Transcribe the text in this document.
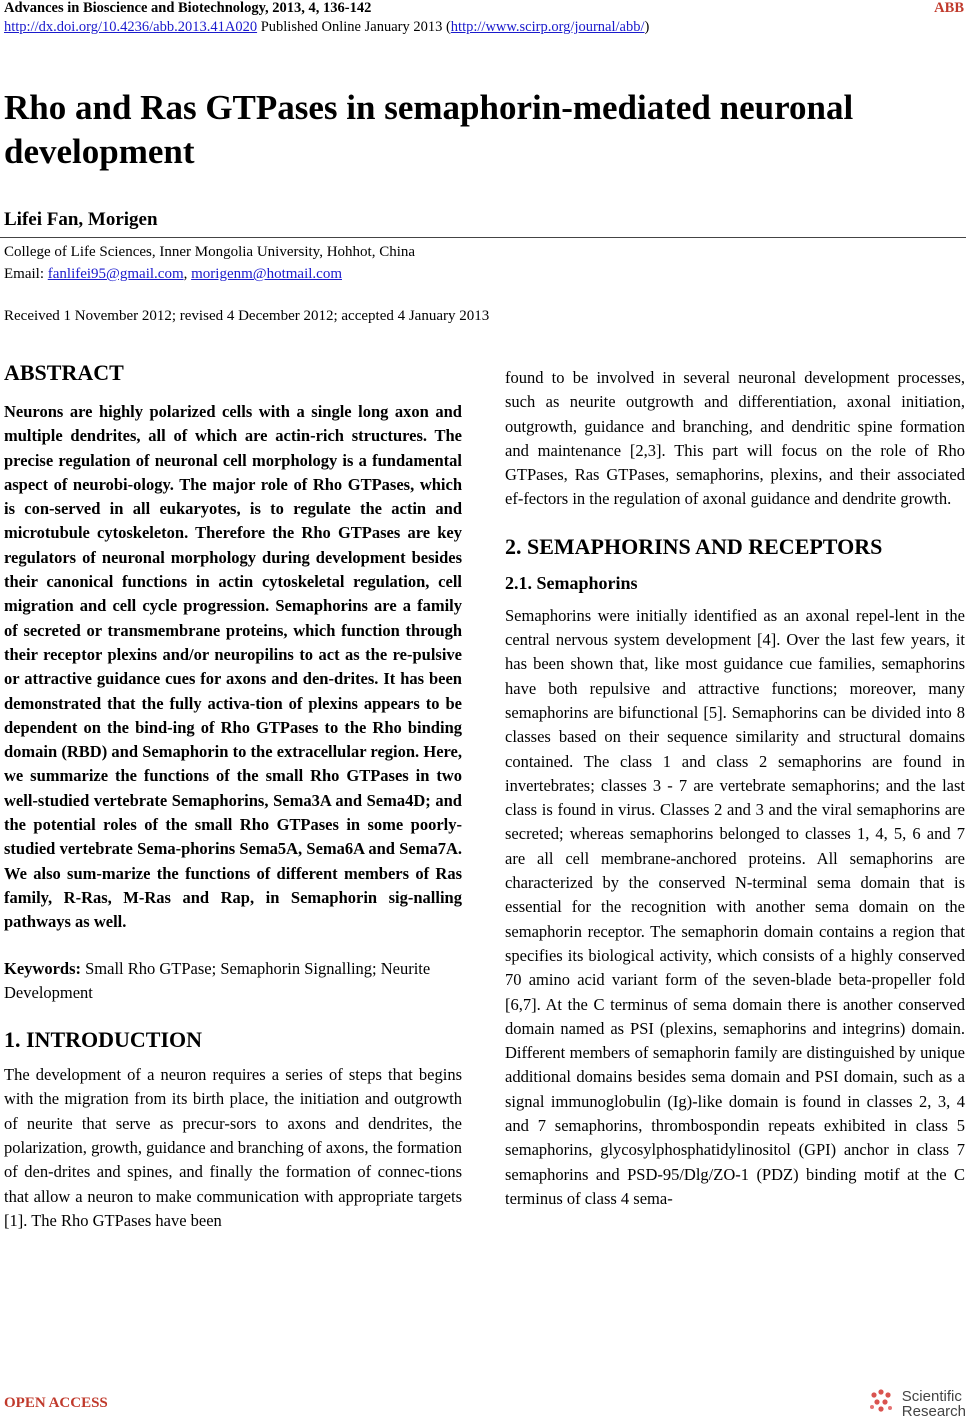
Advances in Bioscience and Biotechnology, 2013, 4, 136-142	ABB
http://dx.doi.org/10.4236/abb.2013.41A020 Published Online January 2013 (http://www.scirp.org/journal/abb/)
Rho and Ras GTPases in semaphorin-mediated neuronal development

Lifei Fan, Morigen

College of Life Sciences, Inner Mongolia University, Hohhot, China
Email: fanlifei95@gmail.com, morigenm@hotmail.com
Received 1 November 2012; revised 4 December 2012; accepted 4 January 2013
ABSTRACT

Neurons are highly polarized cells with a single long axon and multiple dendrites, all of which are actin-rich structures. The precise regulation of neuronal cell morphology is a fundamental aspect of neurobi-ology. The major role of Rho GTPases, which is con-served in all eukaryotes, is to regulate the actin and microtubule cytoskeleton. Therefore the Rho GTPases are key regulators of neuronal morphology during development besides their canonical functions in actin cytoskeletal regulation, cell migration and cell cycle progression. Semaphorins are a family of secreted or transmembrane proteins, which function through their receptor plexins and/or neuropilins to act as the re-pulsive or attractive guidance cues for axons and den-drites. It has been demonstrated that the fully activa-tion of plexins appears to be dependent on the bind-ing of Rho GTPases to the Rho binding domain (RBD) and Semaphorin to the extracellular region. Here, we summarize the functions of the small Rho GTPases in two well-studied vertebrate Semaphorins, Sema3A and Sema4D; and the potential roles of the small Rho GTPases in some poorly-studied vertebrate Sema-phorins Sema5A, Sema6A and Sema7A. We also sum-marize the functions of different members of Ras family, R-Ras, M-Ras and Rap, in Semaphorin sig-nalling pathways as well.

Keywords: Small Rho GTPase; Semaphorin Signalling; Neurite Development

1. INTRODUCTION

The development of a neuron requires a series of steps that begins with the migration from its birth place, the initiation and outgrowth of neurite that serve as precur-sors to axons and dendrites, the polarization, growth, guidance and branching of axons, the formation of den-drites and spines, and finally the formation of connec-tions that allow a neuron to make communication with appropriate targets [1]. The Rho GTPases have been

found to be involved in several neuronal development processes, such as neurite outgrowth and differentiation, axonal initiation, outgrowth, guidance and branching, and dendritic spine formation and maintenance [2,3]. This part will focus on the role of Rho GTPases, Ras GTPases, semaphorins, plexins, and their associated ef-fectors in the regulation of axonal guidance and dendrite growth.

2. SEMAPHORINS AND RECEPTORS
2.1. Semaphorins

Semaphorins were initially identified as an axonal repel-lent in the central nervous system development [4]. Over the last few years, it has been shown that, like most guidance cue families, semaphorins have both repulsive and attractive functions; moreover, many semaphorins are bifunctional [5]. Semaphorins can be divided into 8 classes based on their sequence similarity and structural domains contained. The class 1 and class 2 semaphorins are found in invertebrates; classes 3 - 7 are vertebrate semaphorins; and the last class is found in virus. Classes 2 and 3 and the viral semaphorins are secreted; whereas semaphorins belonged to classes 1, 4, 5, 6 and 7 are all cell membrane-anchored proteins. All semaphorins are characterized by the conserved N-terminal sema domain that is essential for the recognition with another sema domain on the semaphorin receptor. The semaphorin domain contains a region that specifies its biological activity, which consists of a highly conserved 70 amino acid variant form of the seven-blade beta-propeller fold [6,7]. At the C terminus of sema domain there is another conserved domain named as PSI (plexins, semaphorins and integrins) domain. Different members of semaphorin family are distinguished by unique additional domains besides sema domain and PSI domain, such as a signal immunoglobulin (Ig)-like domain is found in classes 2, 3, 4 and 7 semaphorins, thrombospondin repeats exhibited in class 5 semaphorins, glycosylphosphatidylinositol (GPI) anchor in class 7 semaphorins and PSD-95/Dlg/ZO-1 (PDZ) binding motif at the C terminus of class 4 sema-

OPEN ACCESS	Scientific
Research
